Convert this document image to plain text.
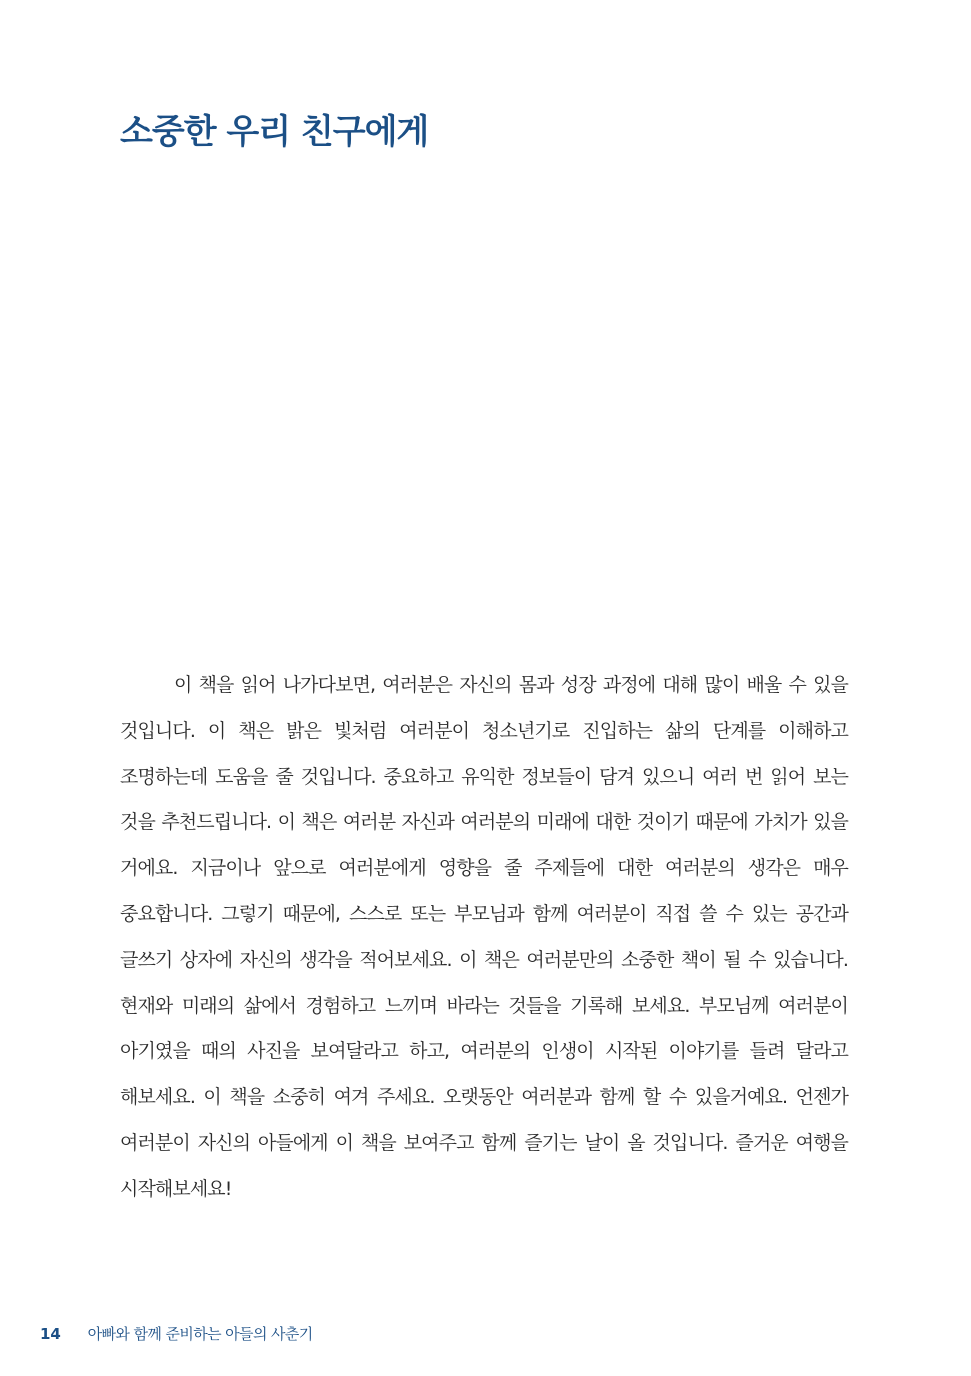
소중한 우리 친구에게

이 책을 읽어 나가다보면, 여러분은 자신의 몸과 성장 과정에 대해 많이 배울 수 있을 것입니다. 이 책은 밝은 빛처럼 여러분이 청소년기로 진입하는 삶의 단계를 이해하고 조명하는데 도움을 줄 것입니다. 중요하고 유익한 정보들이 담겨 있으니 여러 번 읽어 보는 것을 추천드립니다. 이 책은 여러분 자신과 여러분의 미래에 대한 것이기 때문에 가치가 있을 거에요. 지금이나 앞으로 여러분에게 영향을 줄 주제들에 대한 여러분의 생각은 매우 중요합니다. 그렇기 때문에, 스스로 또는 부모님과 함께 여러분이 직접 쓸 수 있는 공간과 글쓰기 상자에 자신의 생각을 적어보세요. 이 책은 여러분만의 소중한 책이 될 수 있습니다. 현재와 미래의 삶에서 경험하고 느끼며 바라는 것들을 기록해 보세요. 부모님께 여러분이 아기였을 때의 사진을 보여달라고 하고, 여러분의 인생이 시작된 이야기를 들려 달라고 해보세요. 이 책을 소중히 여겨 주세요. 오랫동안 여러분과 함께 할 수 있을거예요. 언젠가 여러분이 자신의 아들에게 이 책을 보여주고 함께 즐기는 날이 올 것입니다. 즐거운 여행을 시작해보세요!

14 아빠와 함께 준비하는 아들의 사춘기
